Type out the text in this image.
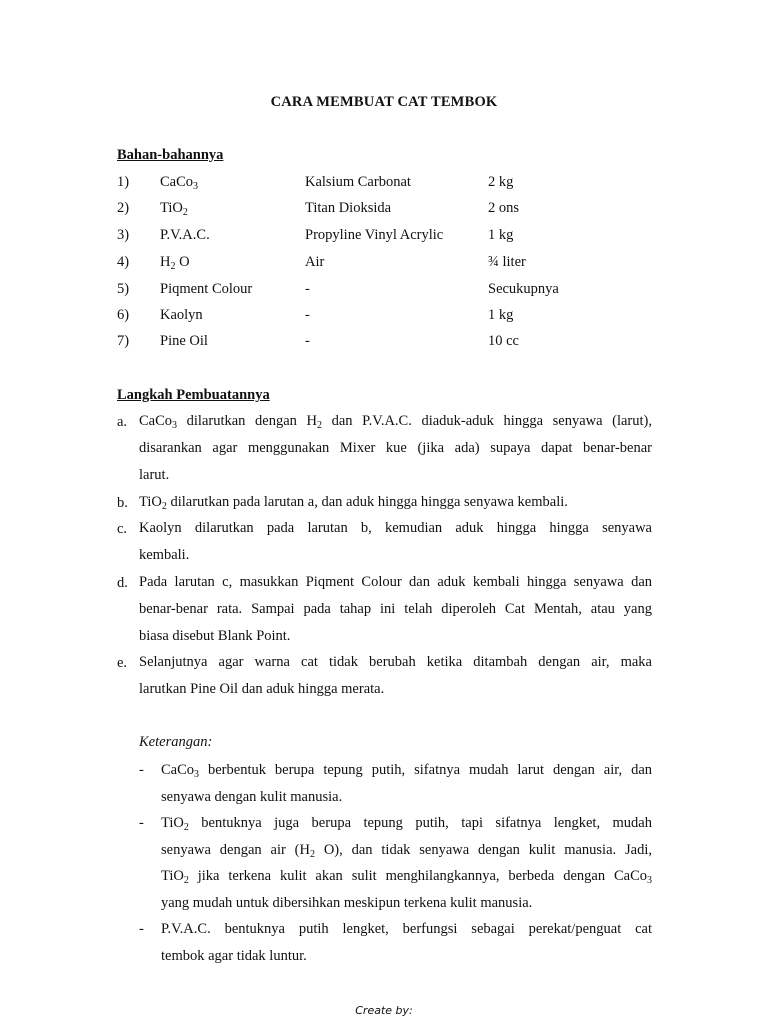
CARA MEMBUAT CAT TEMBOK
Bahan-bahannya
1) CaCo$_3$	Kalsium Carbonat	2 kg
2) TiO$_2$	Titan Dioksida	2 ons
3) P.V.A.C.	Propyline Vinyl Acrylic	1 kg
4) $H_2$ O	Air	¾ liter
5) Piqment Colour	-	Secukupnya
6) Kaolyn	-	1 kg
7) Pine Oil	-	10 cc
Langkah Pembuatannya
a. CaCo$_3$ dilarutkan dengan $H_2$ dan P.V.A.C. diaduk-aduk hingga senyawa (larut),
disarankan agar menggunakan Mixer kue (jika ada) supaya dapat benar-benar
larut.
b. TiO$_2$ dilarutkan pada larutan a, dan aduk hingga hingga senyawa kembali.
c. Kaolyn dilarutkan pada larutan b, kemudian aduk hingga hingga senyawa
kembali.
d. Pada larutan c, masukkan Piqment Colour dan aduk kembali hingga senyawa dan
benar-benar rata. Sampai pada tahap ini telah diperoleh Cat Mentah, atau yang
biasa disebut Blank Point.
e. Selanjutnya agar warna cat tidak berubah ketika ditambah dengan air, maka
larutkan Pine Oil dan aduk hingga merata.
Keterangan:
- CaCo$_3$ berbentuk berupa tepung putih, sifatnya mudah larut dengan air, dan
senyawa dengan kulit manusia.
- TiO$_2$ bentuknya juga berupa tepung putih, tapi sifatnya lengket, mudah
senyawa dengan air ($H_2$ O), dan tidak senyawa dengan kulit manusia. Jadi,
TiO$_2$ jika terkena kulit akan sulit menghilangkannya, berbeda dengan CaCo$_3$
yang mudah untuk dibersihkan meskipun terkena kulit manusia.
- P.V.A.C. bentuknya putih lengket, berfungsi sebagai perekat/penguat cat
tembok agar tidak luntur.
Create by:
